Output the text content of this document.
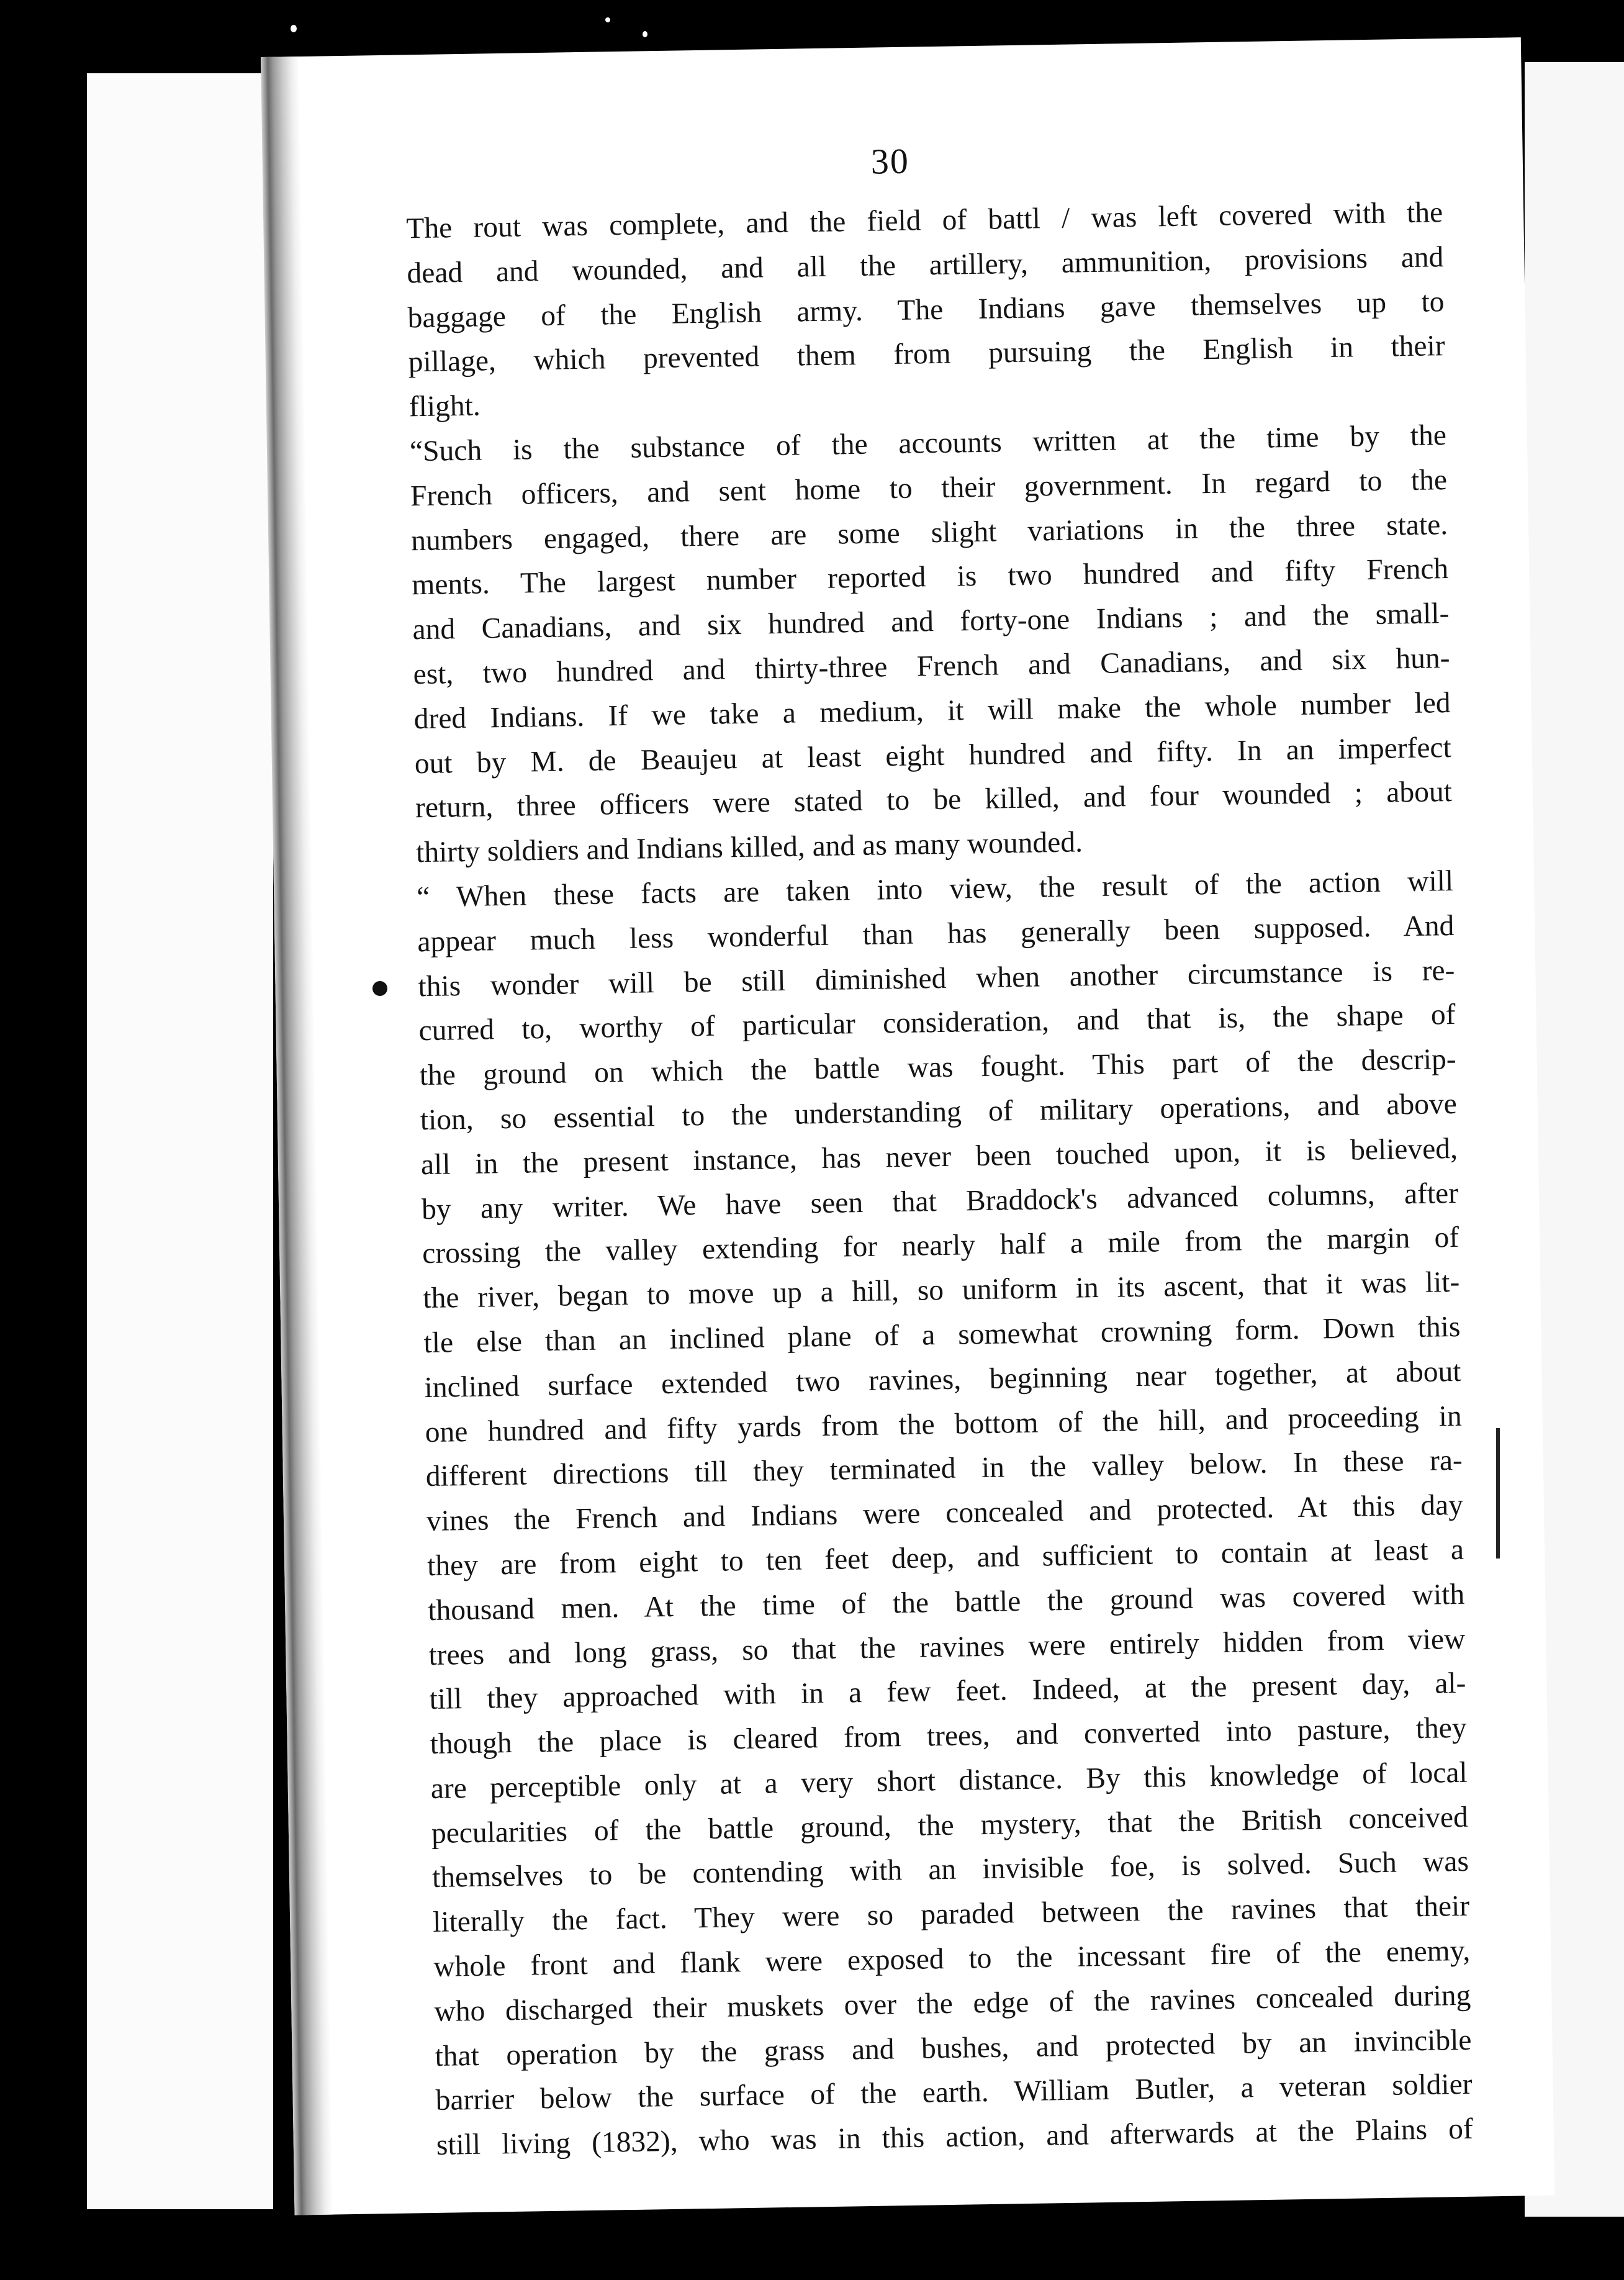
30
The rout was complete, and the field of battl / was left covered with the
dead and wounded, and all the artillery, ammunition, provisions and
baggage of the English army. The Indians gave themselves up to
pillage, which prevented them from pursuing the English in their
flight.
“Such is the substance of the accounts written at the time by the
French officers, and sent home to their government. In regard to the
numbers engaged, there are some slight variations in the three state.
ments. The largest number reported is two hundred and fifty French
and Canadians, and six hundred and forty-one Indians ; and the small-
est, two hundred and thirty-three French and Canadians, and six hun-
dred Indians. If we take a medium, it will make the whole number led
out by M. de Beaujeu at least eight hundred and fifty. In an imperfect
return, three officers were stated to be killed, and four wounded ; about
thirty soldiers and Indians killed, and as many wounded.
“ When these facts are taken into view, the result of the action will
appear much less wonderful than has generally been supposed. And
this wonder will be still diminished when another circumstance is re-
curred to, worthy of particular consideration, and that is, the shape of
the ground on which the battle was fought. This part of the descrip-
tion, so essential to the understanding of military operations, and above
all in the present instance, has never been touched upon, it is believed,
by any writer. We have seen that Braddock's advanced columns, after
crossing the valley extending for nearly half a mile from the margin of
the river, began to move up a hill, so uniform in its ascent, that it was lit-
tle else than an inclined plane of a somewhat crowning form. Down this
inclined surface extended two ravines, beginning near together, at about
one hundred and fifty yards from the bottom of the hill, and proceeding in
different directions till they terminated in the valley below. In these ra-
vines the French and Indians were concealed and protected. At this day
they are from eight to ten feet deep, and sufficient to contain at least a
thousand men. At the time of the battle the ground was covered with
trees and long grass, so that the ravines were entirely hidden from view
till they approached with in a few feet. Indeed, at the present day, al-
though the place is cleared from trees, and converted into pasture, they
are perceptible only at a very short distance. By this knowledge of local
pecularities of the battle ground, the mystery, that the British conceived
themselves to be contending with an invisible foe, is solved. Such was
literally the fact. They were so paraded between the ravines that their
whole front and flank were exposed to the incessant fire of the enemy,
who discharged their muskets over the edge of the ravines concealed during
that operation by the grass and bushes, and protected by an invincible
barrier below the surface of the earth. William Butler, a veteran soldier
still living (1832), who was in this action, and afterwards at the Plains of
